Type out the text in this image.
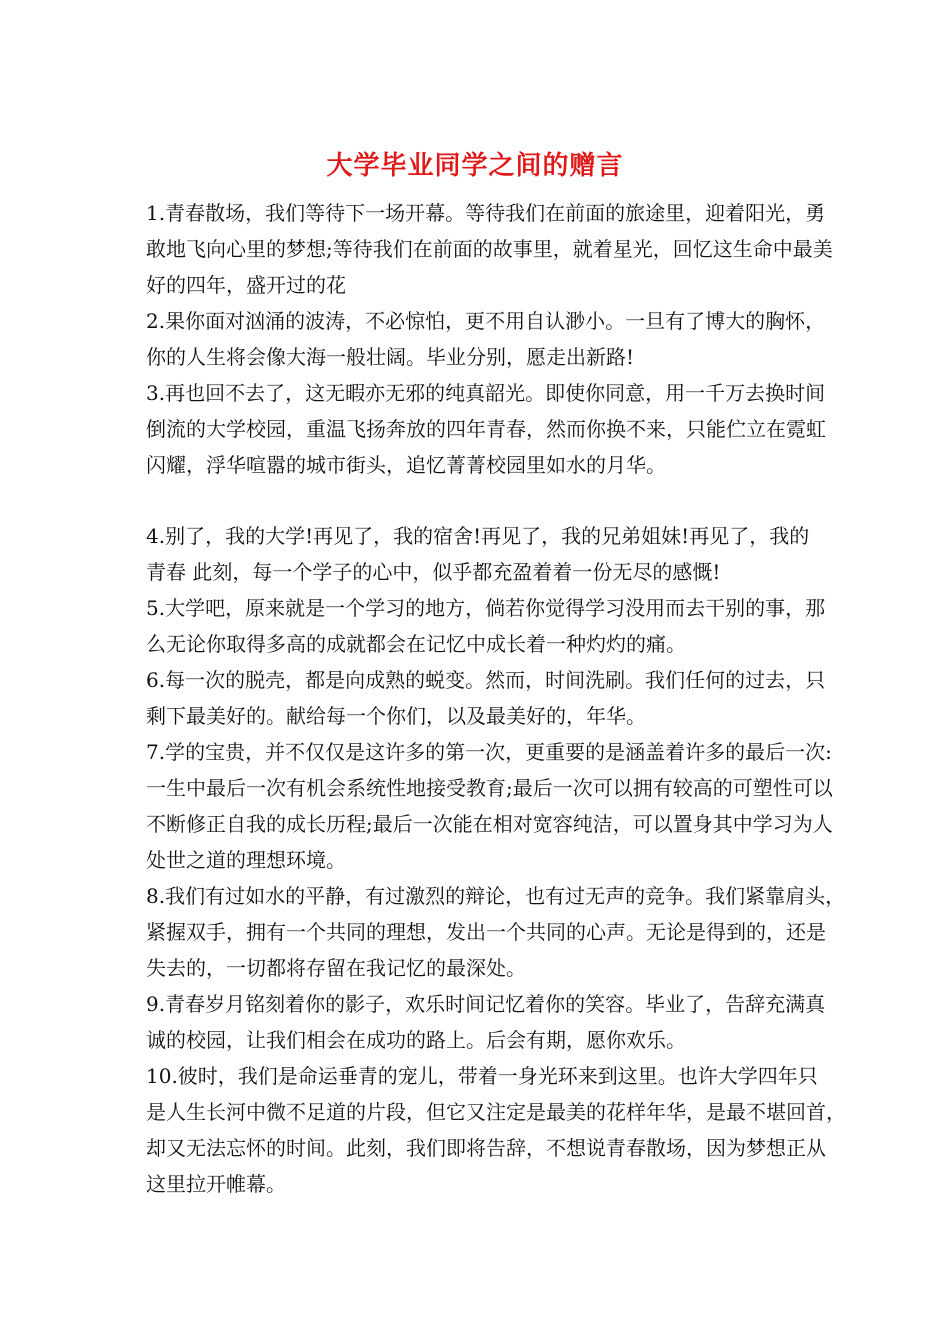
大学毕业同学之间的赠言
1.青春散场，我们等待下一场开幕。等待我们在前面的旅途里，迎着阳光，勇
敢地飞向心里的梦想;等待我们在前面的故事里，就着星光，回忆这生命中最美
好的四年，盛开过的花
2.果你面对汹涌的波涛，不必惊怕，更不用自认渺小。一旦有了博大的胸怀，
你的人生将会像大海一般壮阔。毕业分别，愿走出新路!
3.再也回不去了，这无暇亦无邪的纯真韶光。即使你同意，用一千万去换时间
倒流的大学校园，重温飞扬奔放的四年青春，然而你换不来，只能伫立在霓虹
闪耀，浮华喧嚣的城市街头，追忆菁菁校园里如水的月华。
4.别了，我的大学!再见了，我的宿舍!再见了，我的兄弟姐妹!再见了，我的
青春 此刻，每一个学子的心中，似乎都充盈着着一份无尽的感慨!
5.大学吧，原来就是一个学习的地方，倘若你觉得学习没用而去干别的事，那
么无论你取得多高的成就都会在记忆中成长着一种灼灼的痛。
6.每一次的脱壳，都是向成熟的蜕变。然而，时间洗刷。我们任何的过去，只
剩下最美好的。献给每一个你们，以及最美好的，年华。
7.学的宝贵，并不仅仅是这许多的第一次，更重要的是涵盖着许多的最后一次:
一生中最后一次有机会系统性地接受教育;最后一次可以拥有较高的可塑性可以
不断修正自我的成长历程;最后一次能在相对宽容纯洁，可以置身其中学习为人
处世之道的理想环境。
8.我们有过如水的平静，有过激烈的辩论，也有过无声的竞争。我们紧靠肩头，
紧握双手，拥有一个共同的理想，发出一个共同的心声。无论是得到的，还是
失去的，一切都将存留在我记忆的最深处。
9.青春岁月铭刻着你的影子，欢乐时间记忆着你的笑容。毕业了，告辞充满真
诚的校园，让我们相会在成功的路上。后会有期，愿你欢乐。
10.彼时，我们是命运垂青的宠儿，带着一身光环来到这里。也许大学四年只
是人生长河中微不足道的片段，但它又注定是最美的花样年华，是最不堪回首，
却又无法忘怀的时间。此刻，我们即将告辞，不想说青春散场，因为梦想正从
这里拉开帷幕。
